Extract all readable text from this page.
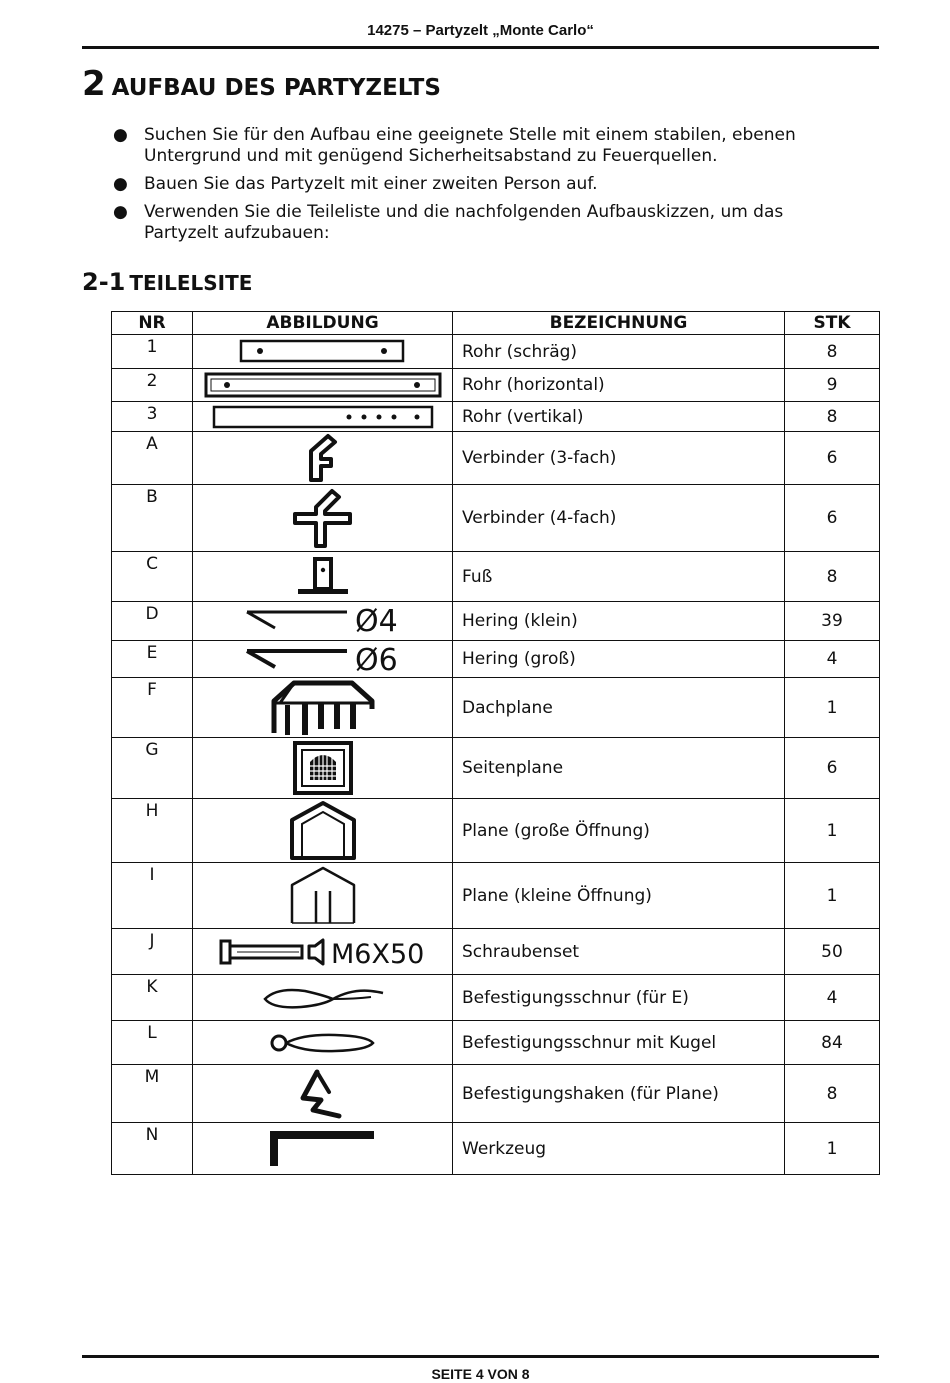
14275 – Partyzelt „Monte Carlo“
2 AUFBAU DES PARTYZELTS
● Suchen Sie für den Aufbau eine geeignete Stelle mit einem stabilen, ebenen Untergrund und mit genügend Sicherheitsabstand zu Feuerquellen.
● Bauen Sie das Partyzelt mit einer zweiten Person auf.
● Verwenden Sie die Teileliste und die nachfolgenden Aufbauskizzen, um das Partyzelt aufzubauen:
2-1 TEILELSITE
NR	ABBILDUNG	BEZEICHNUNG	STK
1		Rohr (schräg)	8
2		Rohr (horizontal)	9
3		Rohr (vertikal)	8
A		Verbinder (3-fach)	6
B		Verbinder (4-fach)	6
C		Fuß	8
D	Ø4	Hering (klein)	39
E	Ø6	Hering (groß)	4
F		Dachplane	1
G		Seitenplane	6
H		Plane (große Öffnung)	1
I		Plane (kleine Öffnung)	1
J	M6X50	Schraubenset	50
K		Befestigungsschnur (für E)	4
L		Befestigungsschnur mit Kugel	84
M		Befestigungshaken (für Plane)	8
N		Werkzeug	1
SEITE 4 VON 8
